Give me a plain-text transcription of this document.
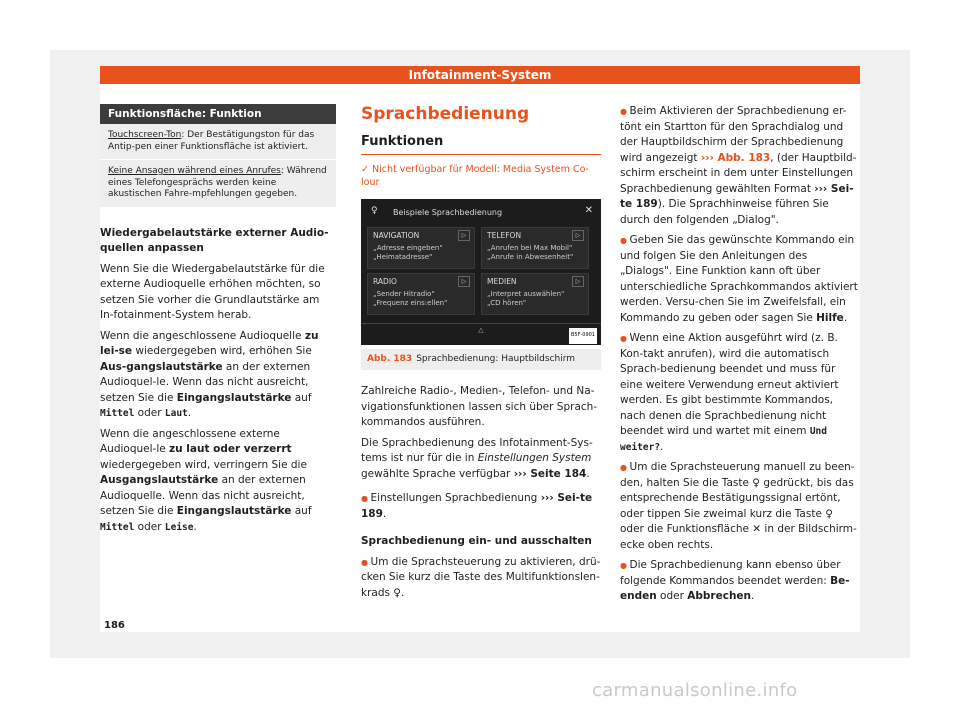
Infotainment-System
Funktionsfläche: Funktion
Touchscreen-Ton: Der Bestätigungston für das Antip-pen einer Funktionsfläche ist aktiviert.
Keine Ansagen während eines Anrufes: Während eines Telefongesprächs werden keine akustischen Fahre-mpfehlungen gegeben.
Wiedergabelautstärke externer Audio-quellen anpassen

Wenn Sie die Wiedergabelautstärke für die externe Audioquelle erhöhen möchten, so setzen Sie vorher die Grundlautstärke am In-fotainment-System herab.

Wenn die angeschlossene Audioquelle zu lei-se wiedergegeben wird, erhöhen Sie Aus-gangslautstärke an der externen Audioquel-le. Wenn das nicht ausreicht, setzen Sie die Eingangslautstärke auf Mittel oder Laut.

Wenn die angeschlossene externe Audioquel-le zu laut oder verzerrt wiedergegeben wird, verringern Sie die Ausgangslautstärke an der externen Audioquelle. Wenn das nicht ausreicht, setzen Sie die Eingangslautstärke auf Mittel oder Leise.

Sprachbedienung
Funktionen
✓ Nicht verfügbar für Modell: Media System Co-lour
♀ Beispiele Sprachbedienung	✕
▷
NAVIGATION
„Adresse eingeben"
„Heimatadresse"
▷
TELEFON
„Anrufen bei Max Mobil"
„Anrufe in Abwesenheit"
▷
RADIO
„Sender Hitradio"
„Frequenz eins:ellen"
▷
MEDIEN
„Interpret auswählen"
„CD hören"
△
B5F-0901
Abb. 183 Sprachbedienung: Hauptbildschirm

Zahlreiche Radio-, Medien-, Telefon- und Na-vigationsfunktionen lassen sich über Sprach-kommandos ausführen.

Die Sprachbedienung des Infotainment-Sys-tems ist nur für die in Einstellungen System gewählte Sprache verfügbar ››› Seite 184.

● Einstellungen Sprachbedienung ››› Sei-te 189.

Sprachbedienung ein- und ausschalten

● Um die Sprachsteuerung zu aktivieren, drü-cken Sie kurz die Taste des Multifunktionslen-krads ♀.

● Beim Aktivieren der Sprachbedienung er-tönt ein Startton für den Sprachdialog und der Hauptbildschirm der Sprachbedienung wird angezeigt ››› Abb. 183, (der Hauptbild-schirm erscheint in dem unter Einstellungen Sprachbedienung gewählten Format ››› Sei-te 189). Die Sprachhinweise führen Sie durch den folgenden „Dialog".

● Geben Sie das gewünschte Kommando ein und folgen Sie den Anleitungen des „Dialogs". Eine Funktion kann oft über unterschiedliche Sprachkommandos aktiviert werden. Versu-chen Sie im Zweifelsfall, ein Kommando zu geben oder sagen Sie Hilfe.

● Wenn eine Aktion ausgeführt wird (z. B. Kon-takt anrufen), wird die automatisch Sprach-bedienung beendet und muss für eine weitere Verwendung erneut aktiviert werden. Es gibt bestimmte Kommandos, nach denen die Sprachbedienung nicht beendet wird und wartet mit einem Und weiter?.

● Um die Sprachsteuerung manuell zu been-den, halten Sie die Taste ♀ gedrückt, bis das entsprechende Bestätigungssignal ertönt, oder tippen Sie zweimal kurz die Taste ♀ oder die Funktionsfläche ✕ in der Bildschirm-ecke oben rechts.

● Die Sprachbedienung kann ebenso über folgende Kommandos beendet werden: Be-enden oder Abbrechen.

186
carmanualsonline.info
